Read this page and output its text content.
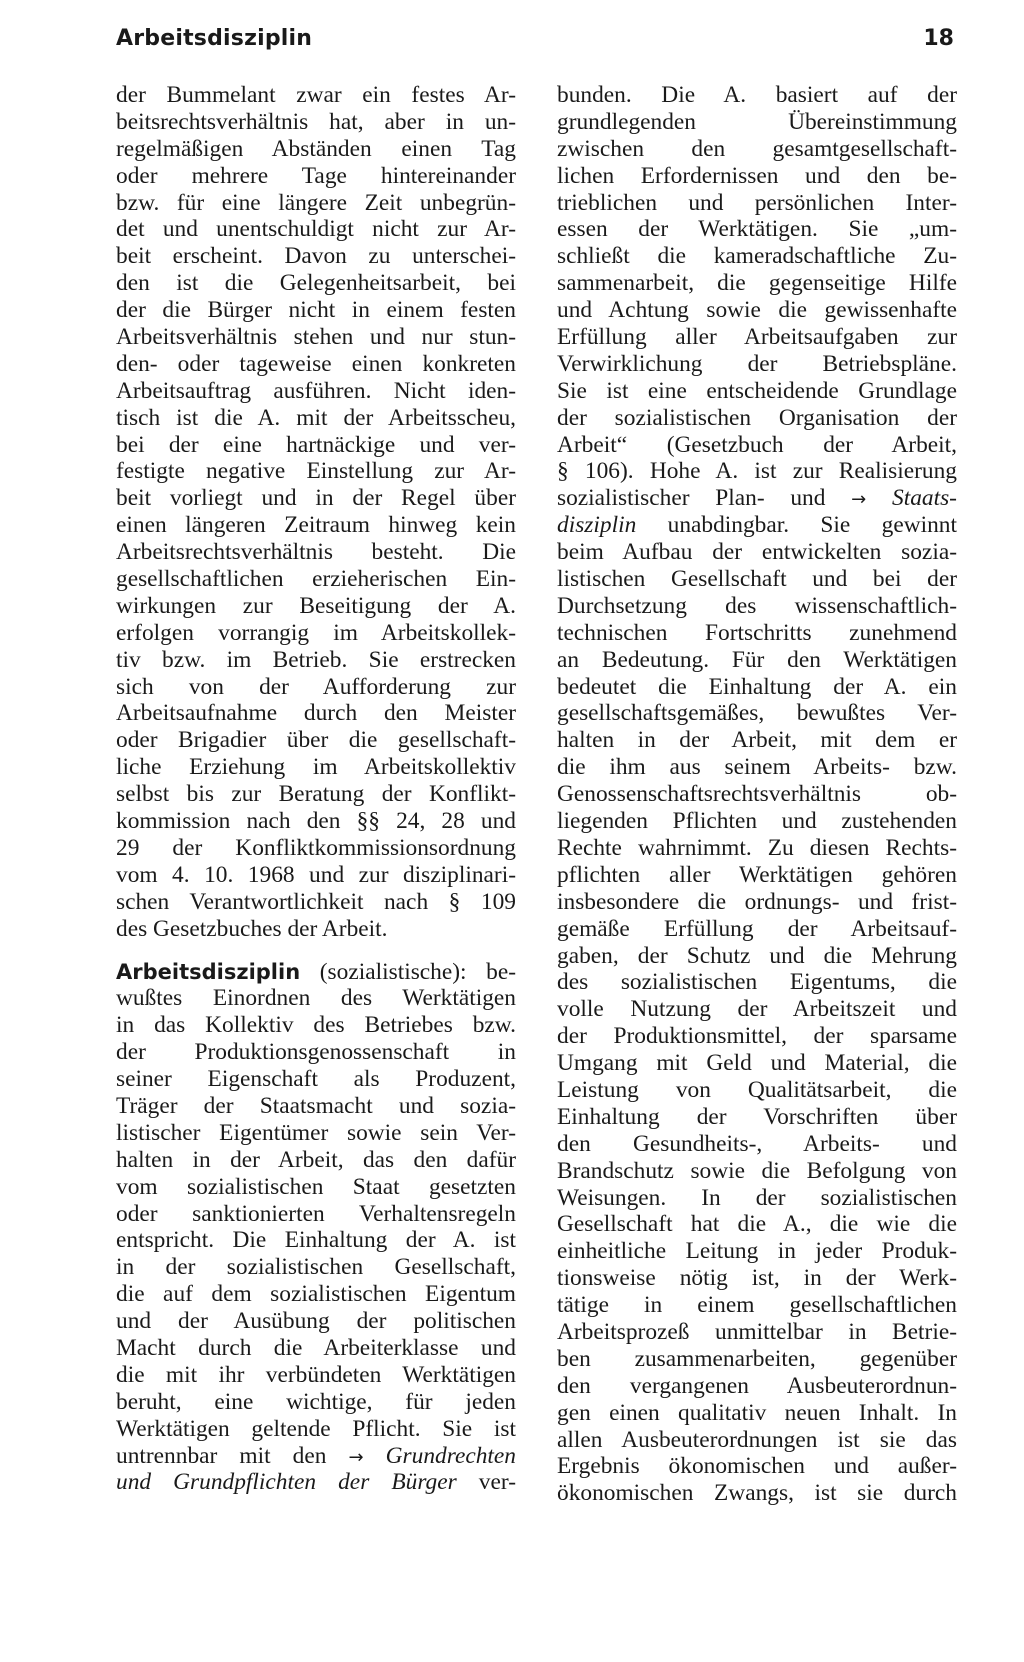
Arbeitsdisziplin	18
der Bummelant zwar ein festes Ar-
beitsrechtsverhältnis hat, aber in un-
regelmäßigen Abständen einen Tag
oder mehrere Tage hintereinander
bzw. für eine längere Zeit unbegrün-
det und unentschuldigt nicht zur Ar-
beit erscheint. Davon zu unterschei-
den ist die Gelegenheitsarbeit, bei
der die Bürger nicht in einem festen
Arbeitsverhältnis stehen und nur stun-
den- oder tageweise einen konkreten
Arbeitsauftrag ausführen. Nicht iden-
tisch ist die A. mit der Arbeitsscheu,
bei der eine hartnäckige und ver-
festigte negative Einstellung zur Ar-
beit vorliegt und in der Regel über
einen längeren Zeitraum hinweg kein
Arbeitsrechtsverhältnis besteht. Die
gesellschaftlichen erzieherischen Ein-
wirkungen zur Beseitigung der A.
erfolgen vorrangig im Arbeitskollek-
tiv bzw. im Betrieb. Sie erstrecken
sich von der Aufforderung zur
Arbeitsaufnahme durch den Meister
oder Brigadier über die gesellschaft-
liche Erziehung im Arbeitskollektiv
selbst bis zur Beratung der Konflikt-
kommission nach den §§ 24, 28 und
29 der Konfliktkommissionsordnung
vom 4. 10. 1968 und zur disziplinari-
schen Verantwortlichkeit nach § 109
des Gesetzbuches der Arbeit.
Arbeitsdisziplin (sozialistische): be-
wußtes Einordnen des Werktätigen
in das Kollektiv des Betriebes bzw.
der Produktionsgenossenschaft in
seiner Eigenschaft als Produzent,
Träger der Staatsmacht und sozia-
listischer Eigentümer sowie sein Ver-
halten in der Arbeit, das den dafür
vom sozialistischen Staat gesetzten
oder sanktionierten Verhaltensregeln
entspricht. Die Einhaltung der A. ist
in der sozialistischen Gesellschaft,
die auf dem sozialistischen Eigentum
und der Ausübung der politischen
Macht durch die Arbeiterklasse und
die mit ihr verbündeten Werktätigen
beruht, eine wichtige, für jeden
Werktätigen geltende Pflicht. Sie ist
untrennbar mit den → Grundrechten
und Grundpflichten der Bürger ver-
bunden. Die A. basiert auf der
grundlegenden Übereinstimmung
zwischen den gesamtgesellschaft-
lichen Erfordernissen und den be-
trieblichen und persönlichen Inter-
essen der Werktätigen. Sie „um-
schließt die kameradschaftliche Zu-
sammenarbeit, die gegenseitige Hilfe
und Achtung sowie die gewissenhafte
Erfüllung aller Arbeitsaufgaben zur
Verwirklichung der Betriebspläne.
Sie ist eine entscheidende Grundlage
der sozialistischen Organisation der
Arbeit“ (Gesetzbuch der Arbeit,
§ 106). Hohe A. ist zur Realisierung
sozialistischer Plan- und → Staats-
disziplin unabdingbar. Sie gewinnt
beim Aufbau der entwickelten sozia-
listischen Gesellschaft und bei der
Durchsetzung des wissenschaftlich-
technischen Fortschritts zunehmend
an Bedeutung. Für den Werktätigen
bedeutet die Einhaltung der A. ein
gesellschaftsgemäßes, bewußtes Ver-
halten in der Arbeit, mit dem er
die ihm aus seinem Arbeits- bzw.
Genossenschaftsrechtsverhältnis ob-
liegenden Pflichten und zustehenden
Rechte wahrnimmt. Zu diesen Rechts-
pflichten aller Werktätigen gehören
insbesondere die ordnungs- und frist-
gemäße Erfüllung der Arbeitsauf-
gaben, der Schutz und die Mehrung
des sozialistischen Eigentums, die
volle Nutzung der Arbeitszeit und
der Produktionsmittel, der sparsame
Umgang mit Geld und Material, die
Leistung von Qualitätsarbeit, die
Einhaltung der Vorschriften über
den Gesundheits-, Arbeits- und
Brandschutz sowie die Befolgung von
Weisungen. In der sozialistischen
Gesellschaft hat die A., die wie die
einheitliche Leitung in jeder Produk-
tionsweise nötig ist, in der Werk-
tätige in einem gesellschaftlichen
Arbeitsprozeß unmittelbar in Betrie-
ben zusammenarbeiten, gegenüber
den vergangenen Ausbeuterordnun-
gen einen qualitativ neuen Inhalt. In
allen Ausbeuterordnungen ist sie das
Ergebnis ökonomischen und außer-
ökonomischen Zwangs, ist sie durch
